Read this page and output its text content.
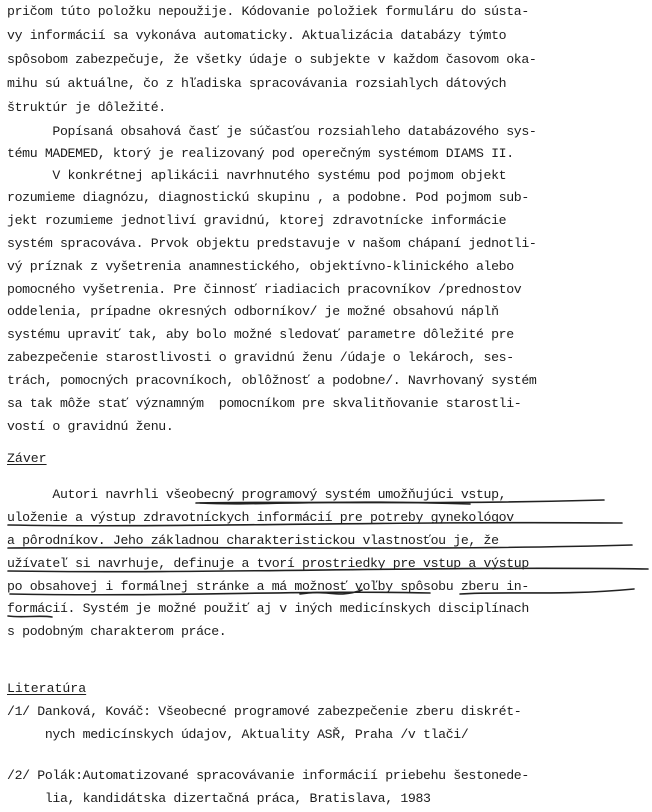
pričom túto položku nepoužije. Kódovanie položiek formuláru do sústa-
vy informácií sa vykonáva automaticky. Aktualizácia databázy týmto
spôsobom zabezpečuje, že všetky údaje o subjekte v každom časovom oka-
mihu sú aktuálne, čo z hľadiska spracovávania rozsiahlych dátových
štruktúr je dôležité.
Popísaná obsahová časť je súčasťou rozsiahleho databázového sys-
tému MADEMED, ktorý je realizovaný pod operečným systémom DIAMS II.
V konkrétnej aplikácii navrhnutého systému pod pojmom objekt
rozumieme diagnózu, diagnostickú skupinu , a podobne. Pod pojmom sub-
jekt rozumieme jednotliví gravidnú, ktorej zdravotnícke informácie
systém spracováva. Prvok objektu predstavuje v našom chápaní jednotli-
vý príznak z vyšetrenia anamnestického, objektívno-klinického alebo
pomocného vyšetrenia. Pre činnosť riadiacich pracovníkov /prednostov
oddelenia, prípadne okresných odborníkov/ je možné obsahovú náplň
systému upraviť tak, aby bolo možné sledovať parametre dôležité pre
zabezpečenie starostlivosti o gravidnú ženu /údaje o lekároch, ses-
trách, pomocných pracovníkoch, oblôžnosť a podobne/. Navrhovaný systém
sa tak môže stať významným  pomocníkom pre skvalitňovanie starostli-
vostí o gravidnú ženu.
Záver
Autori navrhli všeobecný programový systém umožňujúci vstup,
uloženie a výstup zdravotníckych informácií pre potreby gynekológov
a pôrodníkov. Jeho základnou charakteristickou vlastnosťou je, že
užívateľ si navrhuje, definuje a tvorí prostriedky pre vstup a výstup
po obsahovej i formálnej stránke a má možnosť voľby spôsobu zberu in-
formácií. Systém je možné použiť aj v iných medicínskych disciplínach
s podobným charakterom práce.
Literatúra
/1/ Danková, Kováč: Všeobecné programové zabezpečenie zberu diskrét-
nych medicínskych údajov, Aktuality ASŘ, Praha /v tlači/
/2/ Polák:Automatizované spracovávanie informácií priebehu šestonede-
lia, kandidátska dizertačná práca, Bratislava, 1983
